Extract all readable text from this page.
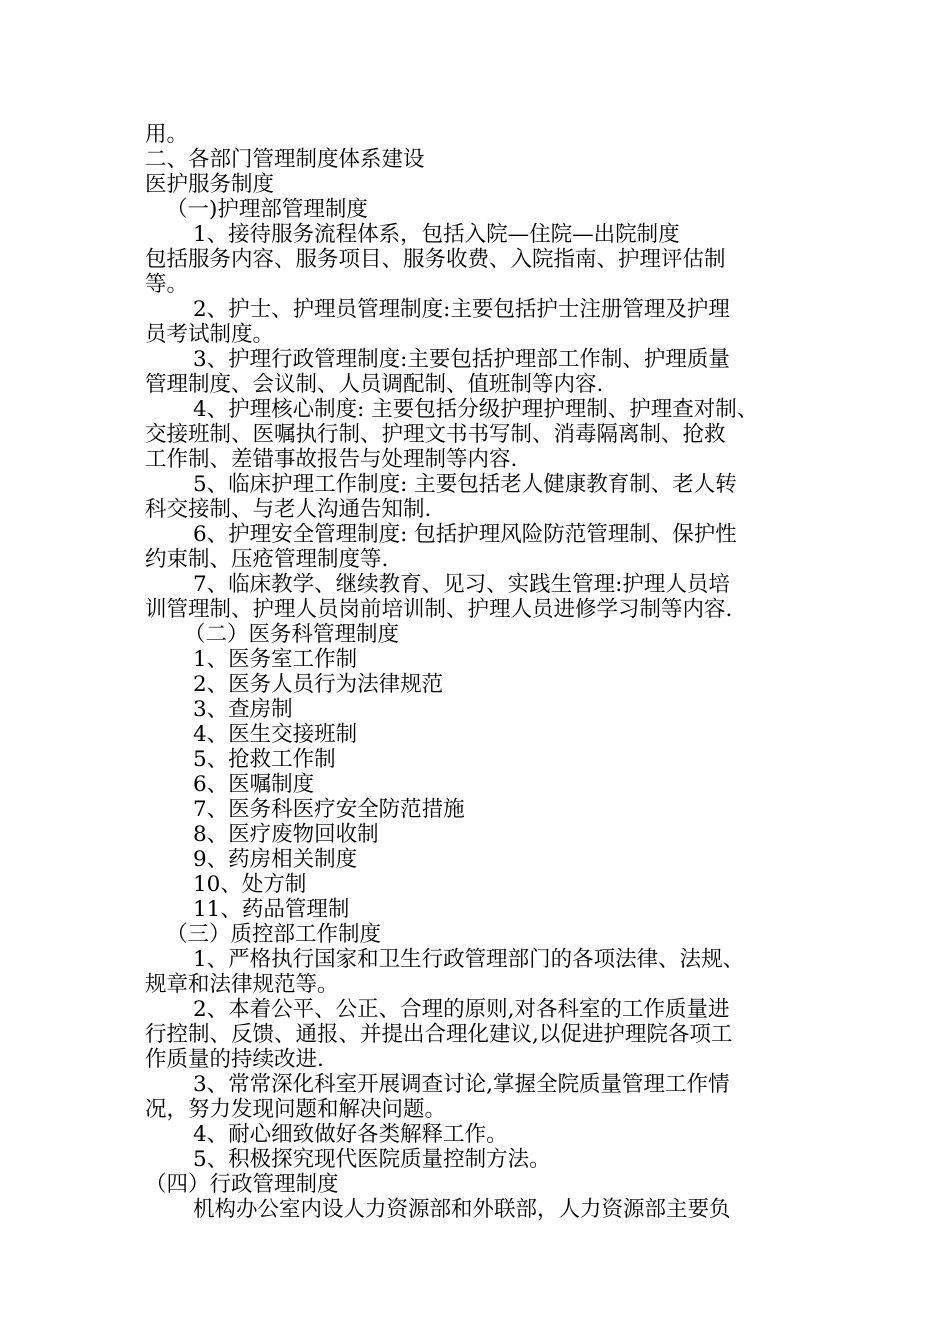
用。
二、各部门管理制度体系建设
医护服务制度
（一)护理部管理制度
1、接待服务流程体系，包括入院—住院—出院制度
包括服务内容、服务项目、服务收费、入院指南、护理评估制
等。
2、护士、护理员管理制度:主要包括护士注册管理及护理
员考试制度。
3、护理行政管理制度:主要包括护理部工作制、护理质量
管理制度、会议制、人员调配制、值班制等内容.
4、护理核心制度: 主要包括分级护理护理制、护理查对制、
交接班制、医嘱执行制、护理文书书写制、消毒隔离制、抢救
工作制、差错事故报告与处理制等内容.
5、临床护理工作制度: 主要包括老人健康教育制、老人转
科交接制、与老人沟通告知制.
6、护理安全管理制度: 包括护理风险防范管理制、保护性
约束制、压疮管理制度等.
7、临床教学、继续教育、见习、实践生管理:护理人员培
训管理制、护理人员岗前培训制、护理人员进修学习制等内容.
（二）医务科管理制度
1、医务室工作制
2、医务人员行为法律规范
3、查房制
4、医生交接班制
5、抢救工作制
6、医嘱制度
7、医务科医疗安全防范措施
8、医疗废物回收制
9、药房相关制度
10、处方制
11、药品管理制
（三）质控部工作制度
1、严格执行国家和卫生行政管理部门的各项法律、法规、
规章和法律规范等。
2、本着公平、公正、合理的原则,对各科室的工作质量进
行控制、反馈、通报、并提出合理化建议,以促进护理院各项工
作质量的持续改进.
3、常常深化科室开展调查讨论,掌握全院质量管理工作情
况，努力发现问题和解决问题。
4、耐心细致做好各类解释工作。
5、积极探究现代医院质量控制方法。
（四）行政管理制度
机构办公室内设人力资源部和外联部，人力资源部主要负
